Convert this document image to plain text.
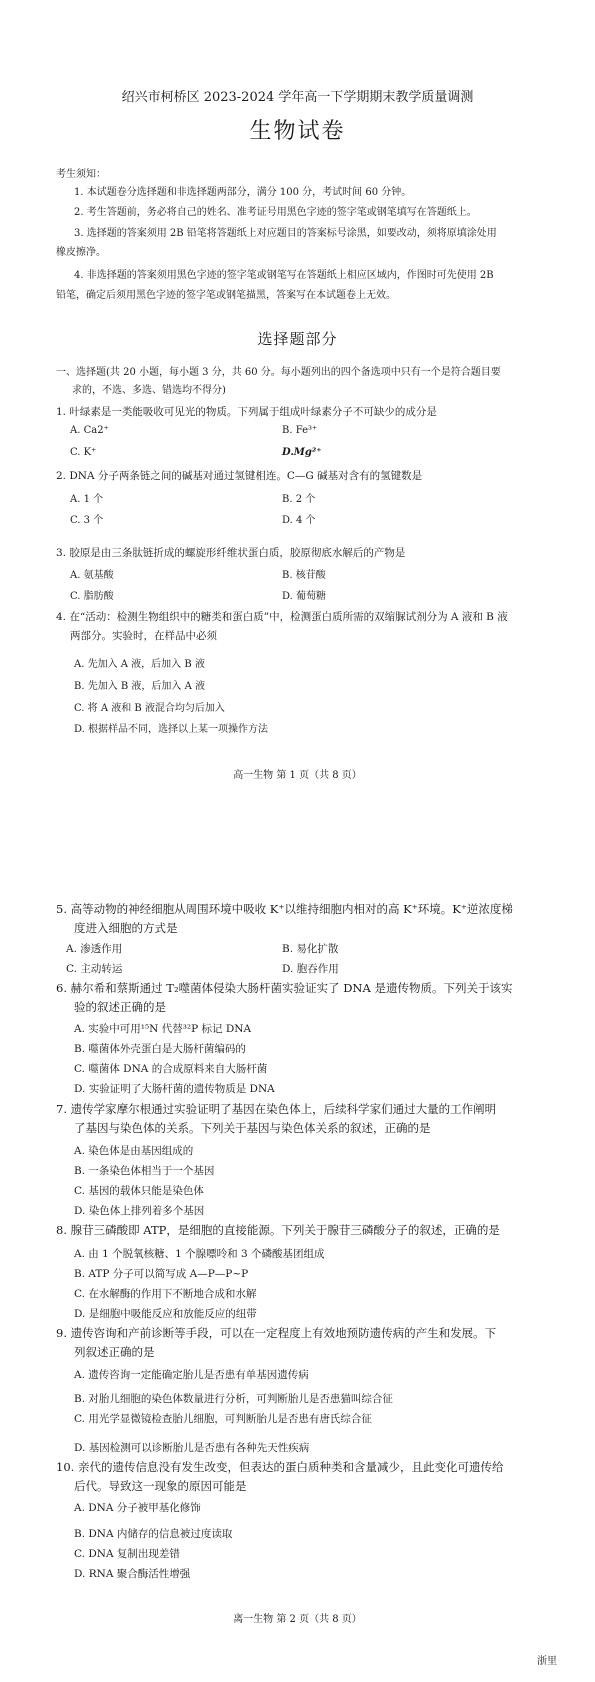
绍兴市柯桥区 2023-2024 学年高一下学期期末教学质量调测
生物试卷
考生须知：
1. 本试题卷分选择题和非选择题两部分，满分 100 分，考试时间 60 分钟。
2. 考生答题前，务必将自己的姓名、准考证号用黑色字迹的签字笔或钢笔填写在答题纸上。
3. 选择题的答案须用 2B 铅笔将答题纸上对应题目的答案标号涂黑，如要改动，须将原填涂处用
橡皮擦净。
4. 非选择题的答案须用黑色字迹的签字笔或钢笔写在答题纸上相应区域内，作图时可先使用 2B
铅笔，确定后须用黑色字迹的签字笔或钢笔描黑，答案写在本试题卷上无效。
选择题部分
一、选择题(共 20 小题，每小题 3 分，共 60 分。每小题列出的四个备选项中只有一个是符合题目要
求的，不选、多选、错选均不得分)
1. 叶绿素是一类能吸收可见光的物质。下列属于组成叶绿素分子不可缺少的成分是
A. Ca2⁺	B. Fe³⁺
C. K⁺	D.Mg²⁺
2. DNA 分子两条链之间的碱基对通过氢键相连。C—G 碱基对含有的氢键数是
A. 1 个	B. 2 个
C. 3 个	D. 4 个
3. 胶原是由三条肽链折成的螺旋形纤维状蛋白质，胶原彻底水解后的产物是
A. 氨基酸	B. 核苷酸
C. 脂肪酸	D. 葡萄糖
4. 在“活动：检测生物组织中的糖类和蛋白质”中，检测蛋白质所需的双缩脲试剂分为 A 液和 B 液
两部分。实验时，在样品中必须
A. 先加入 A 液，后加入 B 液
B. 先加入 B 液，后加入 A 液
C. 将 A 液和 B 液混合均匀后加入
D. 根据样品不同，选择以上某一项操作方法
高一生物 第 1 页（共 8 页）
5. 高等动物的神经细胞从周围环境中吸收 K⁺以维持细胞内相对的高 K⁺环境。K⁺逆浓度梯
度进入细胞的方式是
A. 渗透作用	B. 易化扩散
C. 主动转运	D. 胞吞作用
6. 赫尔希和蔡斯通过 T₂噬菌体侵染大肠杆菌实验证实了 DNA 是遗传物质。下列关于该实
验的叙述正确的是
A. 实验中可用¹⁵N 代替³²P 标记 DNA
B. 噬菌体外壳蛋白是大肠杆菌编码的
C. 噬菌体 DNA 的合成原料来自大肠杆菌
D. 实验证明了大肠杆菌的遗传物质是 DNA
7. 遗传学家摩尔根通过实验证明了基因在染色体上，后续科学家们通过大量的工作阐明
了基因与染色体的关系。下列关于基因与染色体关系的叙述，正确的是
A. 染色体是由基因组成的
B. 一条染色体相当于一个基因
C. 基因的载体只能是染色体
D. 染色体上排列着多个基因
8. 腺苷三磷酸即 ATP，是细胞的直接能源。下列关于腺苷三磷酸分子的叙述，正确的是
A. 由 1 个脱氧核糖、1 个腺嘌呤和 3 个磷酸基团组成
B. ATP 分子可以简写成 A—P—P~P
C. 在水解酶的作用下不断地合成和水解
D. 是细胞中吸能反应和放能反应的纽带
9. 遗传咨询和产前诊断等手段，可以在一定程度上有效地预防遗传病的产生和发展。下
列叙述正确的是
A. 遗传咨询一定能确定胎儿是否患有单基因遗传病
B. 对胎儿细胞的染色体数量进行分析，可判断胎儿是否患猫叫综合征
C. 用光学显微镜检查胎儿细胞，可判断胎儿是否患有唐氏综合征
D. 基因检测可以诊断胎儿是否患有各种先天性疾病
10. 亲代的遗传信息没有发生改变，但表达的蛋白质种类和含量减少，且此变化可遗传给
后代。导致这一现象的原因可能是
A. DNA 分子被甲基化修饰
B. DNA 内储存的信息被过度读取
C. DNA 复制出现差错
D. RNA 聚合酶活性增强
离一生物 第 2 页（共 8 页）
浙里
